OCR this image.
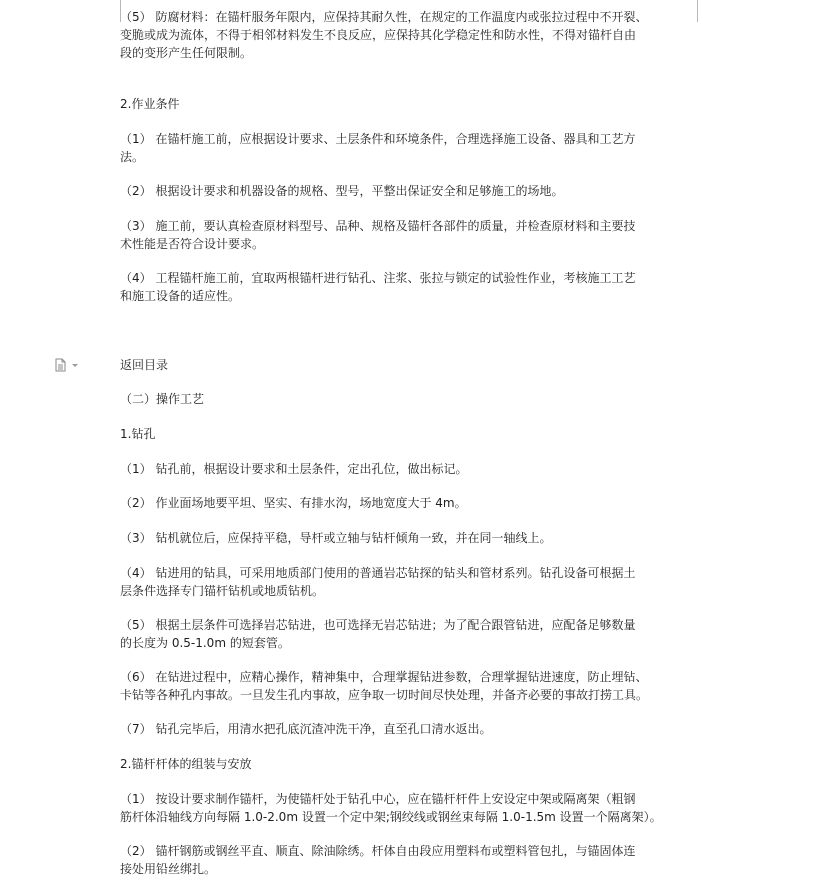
（5） 防腐材料：在锚杆服务年限内，应保持其耐久性，在规定的工作温度内或张拉过程中不开裂、
变脆或成为流体，不得于相邻材料发生不良反应，应保持其化学稳定性和防水性，不得对锚杆自由
段的变形产生任何限制。
2.作业条件
（1） 在锚杆施工前，应根据设计要求、土层条件和环境条件，合理选择施工设备、器具和工艺方
法。
（2） 根据设计要求和机器设备的规格、型号，平整出保证安全和足够施工的场地。
（3） 施工前，要认真检查原材料型号、品种、规格及锚杆各部件的质量，并检查原材料和主要技
术性能是否符合设计要求。
（4） 工程锚杆施工前，宜取两根锚杆进行钻孔、注浆、张拉与锁定的试验性作业，考核施工工艺
和施工设备的适应性。
返回目录
（二）操作工艺
1.钻孔
（1） 钻孔前，根据设计要求和土层条件，定出孔位，做出标记。
（2） 作业面场地要平坦、坚实、有排水沟，场地宽度大于 4m。
（3） 钻机就位后，应保持平稳，导杆或立轴与钻杆倾角一致，并在同一轴线上。
（4） 钻进用的钻具，可采用地质部门使用的普通岩芯钻探的钻头和管材系列。钻孔设备可根据土
层条件选择专门锚杆钻机或地质钻机。
（5） 根据土层条件可选择岩芯钻进，也可选择无岩芯钻进；为了配合跟管钻进，应配备足够数量
的长度为 0.5-1.0m 的短套管。
（6） 在钻进过程中，应精心操作，精神集中，合理掌握钻进参数，合理掌握钻进速度，防止埋钻、
卡钻等各种孔内事故。一旦发生孔内事故，应争取一切时间尽快处理，并备齐必要的事故打捞工具。
（7） 钻孔完毕后，用清水把孔底沉渣冲洗干净，直至孔口清水返出。
2.锚杆杆体的组装与安放
（1） 按设计要求制作锚杆，为使锚杆处于钻孔中心，应在锚杆杆件上安设定中架或隔离架（粗钢
筋杆体沿轴线方向每隔 1.0-2.0m 设置一个定中架;钢绞线或钢丝束每隔 1.0-1.5m 设置一个隔离架）。
（2） 锚杆钢筋或钢丝平直、顺直、除油除绣。杆体自由段应用塑料布或塑料管包扎，与锚固体连
接处用铅丝绑扎。
